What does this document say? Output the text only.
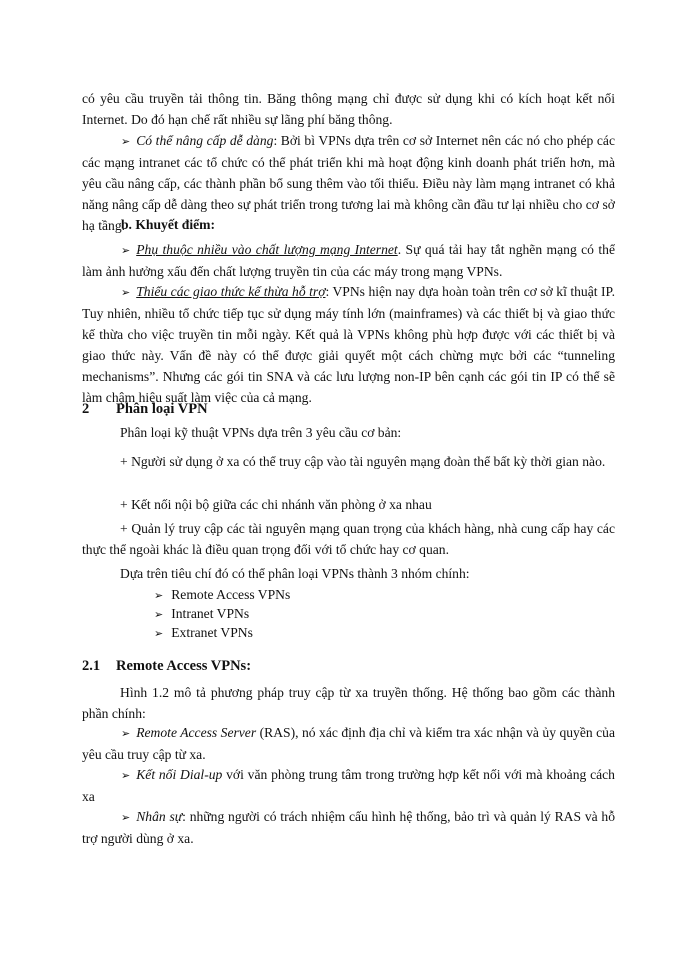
có yêu cầu truyền tải thông tin. Băng thông mạng chỉ được sử dụng khi có kích hoạt kết nối Internet. Do đó hạn chế rất nhiều sự lãng phí băng thông.

➢ Có thể nâng cấp dễ dàng: Bởi bì VPNs dựa trên cơ sở Internet nên các nó cho phép các các mạng intranet các tổ chức có thể phát triển khi mà hoạt động kinh doanh phát triển hơn, mà yêu cầu nâng cấp, các thành phần bổ sung thêm vào tối thiểu. Điều này làm mạng intranet có khả năng nâng cấp dễ dàng theo sự phát triển trong tương lai mà không cần đầu tư lại nhiều cho cơ sở hạ tầng.

b. Khuyết điểm:

➢ Phụ thuộc nhiều vào chất lượng mạng Internet. Sự quá tải hay tắt nghẽn mạng có thể làm ảnh hưởng xấu đến chất lượng truyền tin của các máy trong mạng VPNs.

➢ Thiếu các giao thức kế thừa hỗ trợ: VPNs hiện nay dựa hoàn toàn trên cơ sở kĩ thuật IP. Tuy nhiên, nhiều tổ chức tiếp tục sử dụng máy tính lớn (mainframes) và các thiết bị và giao thức kế thừa cho việc truyền tin mỗi ngày. Kết quả là VPNs không phù hợp được với các thiết bị và giao thức này. Vấn đề này có thể được giải quyết một cách chừng mực bởi các “tunneling mechanisms”. Nhưng các gói tin SNA và các lưu lượng non-IP bên cạnh các gói tin IP có thể sẽ làm chậm hiệu suất làm việc của cả mạng.

2 Phân loại VPN

Phân loại kỹ thuật VPNs dựa trên 3 yêu cầu cơ bản:

+ Người sử dụng ở xa có thể truy cập vào tài nguyên mạng đoàn thể bất kỳ thời gian nào.

+ Kết nối nội bộ giữa các chi nhánh văn phòng ở xa nhau

+ Quản lý truy cập các tài nguyên mạng quan trọng của khách hàng, nhà cung cấp hay các thực thể ngoài khác là điều quan trọng đối với tổ chức hay cơ quan.

Dựa trên tiêu chí đó có thể phân loại VPNs thành 3 nhóm chính:

➢ Remote Access VPNs
➢ Intranet VPNs
➢ Extranet VPNs
2.1 Remote Access VPNs:

Hình 1.2 mô tả phương pháp truy cập từ xa truyền thống. Hệ thống bao gồm các thành phần chính:

➢ Remote Access Server (RAS), nó xác định địa chỉ và kiểm tra xác nhận và ủy quyền của yêu cầu truy cập từ xa.

➢ Kết nối Dial-up với văn phòng trung tâm trong trường hợp kết nối với mà khoảng cách xa

➢ Nhân sự: những người có trách nhiệm cấu hình hệ thống, bảo trì và quản lý RAS và hỗ trợ người dùng ở xa.
